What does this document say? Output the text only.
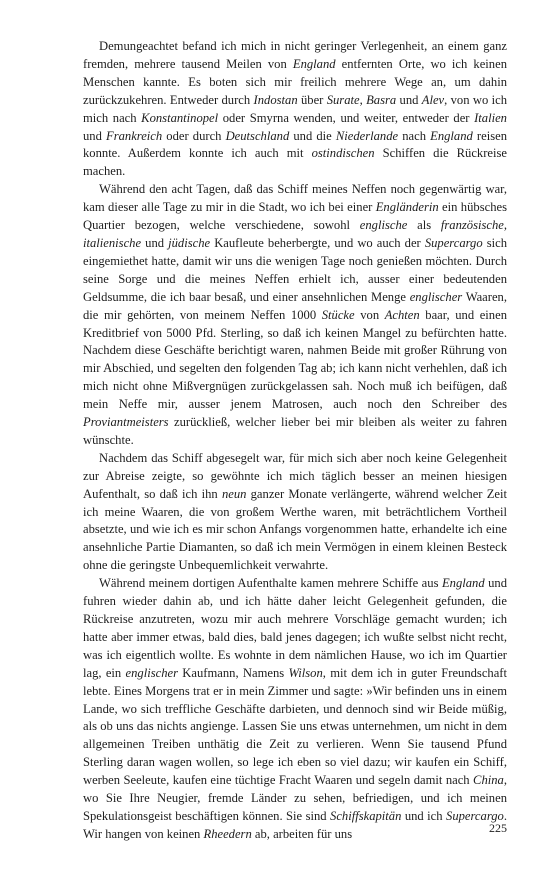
Demungeachtet befand ich mich in nicht geringer Verlegenheit, an einem ganz fremden, mehrere tausend Meilen von England entfernten Orte, wo ich keinen Menschen kannte. Es boten sich mir freilich mehrere Wege an, um dahin zurückzukehren. Entweder durch Indostan über Surate, Basra und Alev, von wo ich mich nach Konstantinopel oder Smyrna wenden, und weiter, entweder der Italien und Frankreich oder durch Deutschland und die Niederlande nach England reisen konnte. Außerdem konnte ich auch mit ostindischen Schiffen die Rückreise machen.

Während den acht Tagen, daß das Schiff meines Neffen noch gegenwärtig war, kam dieser alle Tage zu mir in die Stadt, wo ich bei einer Engländerin ein hübsches Quartier bezogen, welche verschiedene, sowohl englische als französische, italienische und jüdische Kaufleute beherbergte, und wo auch der Supercargo sich eingemiethet hatte, damit wir uns die wenigen Tage noch genießen möchten. Durch seine Sorge und die meines Neffen erhielt ich, ausser einer bedeutenden Geldsumme, die ich baar besaß, und einer ansehnlichen Menge englischer Waaren, die mir gehörten, von meinem Neffen 1000 Stücke von Achten baar, und einen Kreditbrief von 5000 Pfd. Sterling, so daß ich keinen Mangel zu befürchten hatte. Nachdem diese Geschäfte berichtigt waren, nahmen Beide mit großer Rührung von mir Abschied, und segelten den folgenden Tag ab; ich kann nicht verhehlen, daß ich mich nicht ohne Mißvergnügen zurückgelassen sah. Noch muß ich beifügen, daß mein Neffe mir, ausser jenem Matrosen, auch noch den Schreiber des Proviantmeisters zurückließ, welcher lieber bei mir bleiben als weiter zu fahren wünschte.

Nachdem das Schiff abgesegelt war, für mich sich aber noch keine Gelegenheit zur Abreise zeigte, so gewöhnte ich mich täglich besser an meinen hiesigen Aufenthalt, so daß ich ihn neun ganzer Monate verlängerte, während welcher Zeit ich meine Waaren, die von großem Werthe waren, mit beträchtlichem Vortheil absetzte, und wie ich es mir schon Anfangs vorgenommen hatte, erhandelte ich eine ansehnliche Partie Diamanten, so daß ich mein Vermögen in einem kleinen Besteck ohne die geringste Unbequemlichkeit verwahrte.

Während meinem dortigen Aufenthalte kamen mehrere Schiffe aus England und fuhren wieder dahin ab, und ich hätte daher leicht Gelegenheit gefunden, die Rückreise anzutreten, wozu mir auch mehrere Vorschläge gemacht wurden; ich hatte aber immer etwas, bald dies, bald jenes dagegen; ich wußte selbst nicht recht, was ich eigentlich wollte. Es wohnte in dem nämlichen Hause, wo ich im Quartier lag, ein englischer Kaufmann, Namens Wilson, mit dem ich in guter Freundschaft lebte. Eines Morgens trat er in mein Zimmer und sagte: »Wir befinden uns in einem Lande, wo sich treffliche Geschäfte darbieten, und dennoch sind wir Beide müßig, als ob uns das nichts angienge. Lassen Sie uns etwas unternehmen, um nicht in dem allgemeinen Treiben unthätig die Zeit zu verlieren. Wenn Sie tausend Pfund Sterling daran wagen wollen, so lege ich eben so viel dazu; wir kaufen ein Schiff, werben Seeleute, kaufen eine tüchtige Fracht Waaren und segeln damit nach China, wo Sie Ihre Neugier, fremde Länder zu sehen, befriedigen, und ich meinen Spekulationsgeist beschäftigen können. Sie sind Schiffskapitän und ich Supercargo. Wir hangen von keinen Rheedern ab, arbeiten für uns	225
